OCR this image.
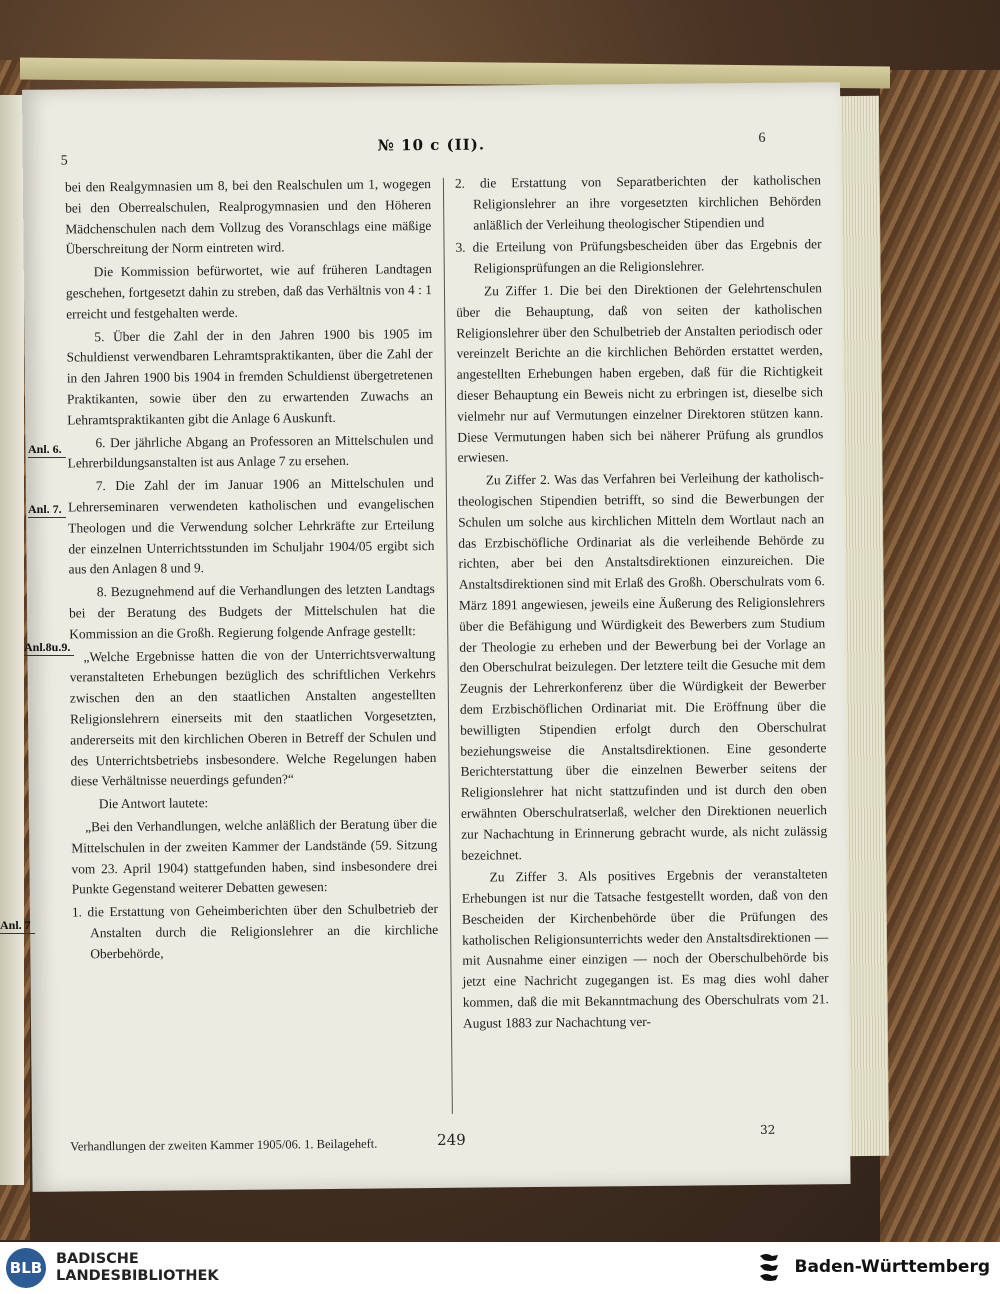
5
№ 10 c (II).	6

bei den Realgymnasien um 8, bei den Realschulen um 1, wogegen bei den Oberrealschulen, Realprogymnasien und den Höheren Mädchenschulen nach dem Vollzug des Voranschlags eine mäßige Überschreitung der Norm eintreten wird.

Die Kommission befürwortet, wie auf früheren Landtagen geschehen, fortgesetzt dahin zu streben, daß das Verhältnis von 4 : 1 erreicht und festgehalten werde.

5. Über die Zahl der in den Jahren 1900 bis 1905 im Schuldienst verwendbaren Lehramtspraktikanten, über die Zahl der in den Jahren 1900 bis 1904 in fremden Schuldienst übergetretenen Praktikanten, sowie über den zu erwartenden Zuwachs an Lehramtspraktikanten gibt die Anlage 6 Auskunft.

6. Der jährliche Abgang an Professoren an Mittelschulen und Lehrerbildungsanstalten ist aus Anlage 7 zu ersehen.

7. Die Zahl der im Januar 1906 an Mittelschulen und Lehrerseminaren verwendeten katholischen und evangelischen Theologen und die Verwendung solcher Lehrkräfte zur Erteilung der einzelnen Unterrichtsstunden im Schuljahr 1904/05 ergibt sich aus den Anlagen 8 und 9.

8. Bezugnehmend auf die Verhandlungen des letzten Landtags bei der Beratung des Budgets der Mittelschulen hat die Kommission an die Großh. Regierung folgende Anfrage gestellt:

„Welche Ergebnisse hatten die von der Unterrichtsverwaltung veranstalteten Erhebungen bezüglich des schriftlichen Verkehrs zwischen den an den staatlichen Anstalten angestellten Religionslehrern einerseits mit den staatlichen Vorgesetzten, andererseits mit den kirchlichen Oberen in Betreff der Schulen und des Unterrichtsbetriebs insbesondere. Welche Regelungen haben diese Verhältnisse neuerdings gefunden?“

Die Antwort lautete:

„Bei den Verhandlungen, welche anläßlich der Beratung über die Mittelschulen in der zweiten Kammer der Landstände (59. Sitzung vom 23. April 1904) stattgefunden haben, sind insbesondere drei Punkte Gegenstand weiterer Debatten gewesen:

1. die Erstattung von Geheimberichten über den Schulbetrieb der Anstalten durch die Religionslehrer an die kirchliche Oberbehörde,

2. die Erstattung von Separatberichten der katholischen Religionslehrer an ihre vorgesetzten kirchlichen Behörden anläßlich der Verleihung theologischer Stipendien und

3. die Erteilung von Prüfungsbescheiden über das Ergebnis der Religionsprüfungen an die Religionslehrer.

Zu Ziffer 1. Die bei den Direktionen der Gelehrtenschulen über die Behauptung, daß von seiten der katholischen Religionslehrer über den Schulbetrieb der Anstalten periodisch oder vereinzelt Berichte an die kirchlichen Behörden erstattet werden, angestellten Erhebungen haben ergeben, daß für die Richtigkeit dieser Behauptung ein Beweis nicht zu erbringen ist, dieselbe sich vielmehr nur auf Vermutungen einzelner Direktoren stützen kann. Diese Vermutungen haben sich bei näherer Prüfung als grundlos erwiesen.

Zu Ziffer 2. Was das Verfahren bei Verleihung der katholisch-theologischen Stipendien betrifft, so sind die Bewerbungen der Schulen um solche aus kirchlichen Mitteln dem Wortlaut nach an das Erzbischöfliche Ordinariat als die verleihende Behörde zu richten, aber bei den Anstaltsdirektionen einzureichen. Die Anstaltsdirektionen sind mit Erlaß des Großh. Oberschulrats vom 6. März 1891 angewiesen, jeweils eine Äußerung des Religionslehrers über die Befähigung und Würdigkeit des Bewerbers zum Studium der Theologie zu erheben und der Bewerbung bei der Vorlage an den Oberschulrat beizulegen. Der letztere teilt die Gesuche mit dem Zeugnis der Lehrerkonferenz über die Würdigkeit der Bewerber dem Erzbischöflichen Ordinariat mit. Die Eröffnung über die bewilligten Stipendien erfolgt durch den Oberschulrat beziehungsweise die Anstaltsdirektionen. Eine gesonderte Berichterstattung über die einzelnen Bewerber seitens der Religionslehrer hat nicht stattzufinden und ist durch den oben erwähnten Oberschulratserlaß, welcher den Direktionen neuerlich zur Nachachtung in Erinnerung gebracht wurde, als nicht zulässig bezeichnet.

Zu Ziffer 3. Als positives Ergebnis der veranstalteten Erhebungen ist nur die Tatsache festgestellt worden, daß von den Bescheiden der Kirchenbehörde über die Prüfungen des katholischen Religionsunterrichts weder den Anstaltsdirektionen — mit Ausnahme einer einzigen — noch der Oberschulbehörde bis jetzt eine Nachricht zugegangen ist. Es mag dies wohl daher kommen, daß die mit Bekanntmachung des Oberschulrats vom 21. August 1883 zur Nachachtung ver-

Verhandlungen der zweiten Kammer 1905/06. 1. Beilageheft.	249
32
Anl. 6.
Anl. 7.
Anl.8u.9.
Anl. 7
BLB BADISCHE
LANDESBIBLIOTHEK	Baden-Württemberg
